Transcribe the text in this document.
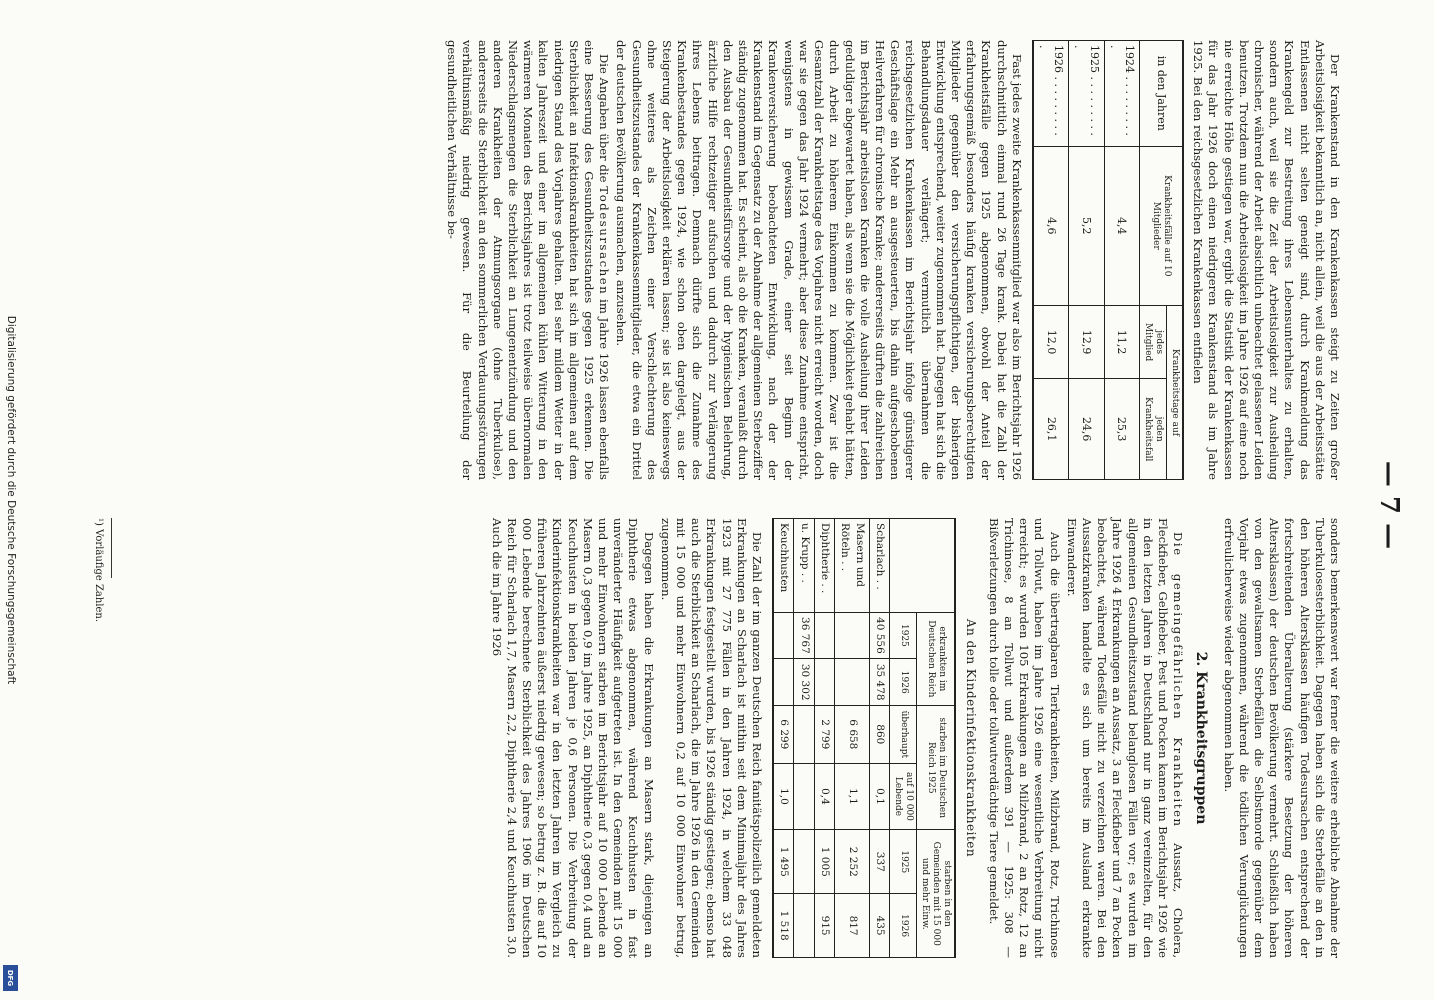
— 7 —

Der Krankenstand in den Krankenkassen steigt zu Zeiten großer Arbeitslosigkeit bekanntlich an, nicht allein, weil die aus der Arbeitsstätte Entlassenen nicht selten geneigt sind, durch Krankmeldung das Krankengeld zur Bestreitung ihres Lebensunterhaltes zu erhalten, sondern auch, weil sie die Zeit der Arbeitslosigkeit zur Ausheilung chronischer, während der Arbeit absichtlich unbeachtet gelassener Leiden benutzen. Trotzdem nun die Arbeitslosigkeit im Jahre 1926 auf eine noch nie erreichte Höhe gestiegen war, ergibt die Statistik der Krankenkassen für das Jahr 1926 doch einen niedrigeren Krankenstand als im Jahre 1925. Bei den reichsgesetzlichen Krankenkassen entfielen

in den Jahren	Krankheitsfälle auf 10 Mitglieder	Krankheitstage auf	
		jedes Mitglied	jeden Krankheitsfall
1924 . . . . . . . . . .	4,4	11,2	25,3
1925 . . . . . . . . . .	5,2	12,9	24,6
1926 . . . . . . . . . .	4,6	12,0	26,1

Fast jedes zweite Krankenkassenmitglied war also im Berichtsjahr 1926 durchschnittlich einmal rund 26 Tage krank. Dabei hat die Zahl der Krankheitsfälle gegen 1925 abgenommen, obwohl der Anteil der erfahrungsgemäß besonders häufig kranken versicherungsberechtigten Mitglieder gegenüber den versicherungspflichtigen, der bisherigen Entwicklung entsprechend, weiter zugenommen hat. Dagegen hat sich die Behandlungsdauer verlängert; vermutlich übernahmen die reichsgesetzlichen Krankenkassen im Berichtsjahr infolge günstigerer Geschäftslage ein Mehr an ausgesteuerten, bis dahin aufgeschobenen Heilverfahren für chronische Kranke; andererseits dürften die zahlreichen im Berichtsjahr arbeitslosen Kranken die volle Ausheilung ihrer Leiden geduldiger abgewartet haben, als wenn sie die Möglichkeit gehabt hätten, durch Arbeit zu höherem Einkommen zu kommen. Zwar ist die Gesamtzahl der Krankheitstage des Vorjahres nicht erreicht worden, doch war sie gegen das Jahr 1924 vermehrt; aber diese Zunahme entspricht, wenigstens in gewissem Grade, einer seit Beginn der Krankenversicherung beobachteten Entwicklung, nach der der Krankenstand im Gegensatz zu der Abnahme der allgemeinen Sterbeziffer ständig zugenommen hat. Es scheint, als ob die Kranken, veranlaßt durch den Ausbau der Gesundheitsfürsorge und der hygienischen Belehrung, ärztliche Hilfe rechtzeitiger aufsuchen und dadurch zur Verlängerung ihres Lebens beitragen. Demnach dürfte sich die Zunahme des Krankenbestandes gegen 1924, wie schon oben dargelegt, aus der Steigerung der Arbeitslosigkeit erklären lassen; sie ist also keineswegs ohne weiteres als Zeichen einer Verschlechterung des Gesundheitszustandes der Krankenkassenmitglieder, die etwa ein Drittel der deutschen Bevölkerung ausmachen, anzusehen.

Die Angaben über die Todesursachen im Jahre 1926 lassen ebenfalls eine Besserung des Gesundheitszustandes gegen 1925 erkennen. Die Sterblichkeit an Infektionskrankheiten hat sich im allgemeinen auf dem niedrigen Stand des Vorjahres gehalten. Bei sehr mildem Wetter in der kalten Jahreszeit und einer im allgemeinen kühlen Witterung in den wärmeren Monaten des Berichtsjahres ist trotz teilweise übernormalen Niederschlagsmengen die Sterblichkeit an Lungenentzündung und den anderen Krankheiten der Atmungsorgane (ohne Tuberkulose), andererseits die Sterblichkeit an den sommerlichen Verdauungsstörungen verhältnismäßig niedrig gewesen. Für die Beurteilung der gesundheitlichen Verhältnisse be-

sonders bemerkenswert war ferner die weitere erhebliche Abnahme der Tuberkulosesterblichkeit. Dagegen haben sich die Sterbefälle an den in den höheren Altersklassen häufigen Todesursachen entsprechend der fortschreitenden Überalterung (stärkere Besetzung der höheren Altersklassen) der deutschen Bevölkerung vermehrt. Schließlich haben von den gewaltsamen Sterbefällen die Selbstmorde gegenüber dem Vorjahr etwas zugenommen, während die tödlichen Verunglückungen erfreulicherweise wieder abgenommen haben.

2. Krankheitsgruppen

Die gemeingefährlichen Krankheiten Aussatz, Cholera, Fleckfieber, Gelbfieber, Pest und Pocken kamen im Berichtsjahr 1926 wie in den letzten Jahren in Deutschland nur in ganz vereinzelten, für den allgemeinen Gesundheitszustand belanglosen Fällen vor; es wurden im Jahre 1926 4 Erkrankungen an Aussatz, 3 an Fleckfieber und 7 an Pocken beobachtet, während Todesfälle nicht zu verzeichnen waren. Bei den Aussatzkranken handelte es sich um bereits im Ausland erkrankte Einwanderer.

Auch die übertragbaren Tierkrankheiten, Milzbrand, Rotz, Trichinose und Tollwut, haben im Jahre 1926 eine wesentliche Verbreitung nicht erreicht; es wurden 105 Erkrankungen an Milzbrand, 2 an Rotz, 12 an Trichinose, 8 an Tollwut und außerdem 391 — 1925: 308 — Bißverletzungen durch tolle oder tollwutverdächtige Tiere gemeldet.

An den Kinderinfektionskrankheiten
	erkrankten im Deutschen Reich		starben im Deutschen Reich 1925		starben in den Gemeinden mit 15 000 und mehr Einw.	
	1925	1926	überhaupt	auf 10 000 Lebende	1925	1926
Scharlach . .	40 556	35 478	860	0,1	337	435
Masern und Röteln . .			6 658	1,1	2 252	817
Diphtherie . .			2 799	0,4	1 005	915
u. Krupp . .	36 767	30 302				
Keuchhusten			6 299	1,0	1 495	1 518

Die Zahl der im ganzen Deutschen Reich fanitätspolizeilich gemeldeten Erkrankungen an Scharlach ist mithin seit dem Minimaljahr des Jahres 1923 mit 27 775 Fällen in den Jahren 1924, in welchem 33 048 Erkrankungen festgestellt wurden, bis 1926 ständig gestiegen; ebenso hat auch die Sterblichkeit an Scharlach, die im Jahre 1926 in den Gemeinden mit 15 000 und mehr Einwohnern 0,2 auf 10 000 Einwohner betrug, zugenommen.

Dagegen haben die Erkrankungen an Masern stark, diejenigen an Diphtherie etwas abgenommen, während Keuchhusten in fast unveränderter Häufigkeit aufgetreten ist. In den Gemeinden mit 15 000 und mehr Einwohnern starben im Berichtsjahr auf 10 000 Lebende an Masern 0,3 gegen 0,9 im Jahre 1925, an Diphtherie 0,3 gegen 0,4 und an Keuchhusten in beiden Jahren je 0,6 Personen. Die Verbreitung der Kinderinfektionskrankheiten war in den letzten Jahren im Vergleich zu früheren Jahrzehnten äußerst niedrig gewesen; so betrug z. B. die auf 10 000 Lebende berechnete Sterblichkeit des Jahres 1906 im Deutschen Reich für Scharlach 1,7, Masern 2,2, Diphtherie 2,4 und Keuchhusten 3,0. Auch die im Jahre 1926

¹) Vorläufige Zahlen.
Digitalisierung gefördert durch die Deutsche Forschungsgemeinschaft
DFG
